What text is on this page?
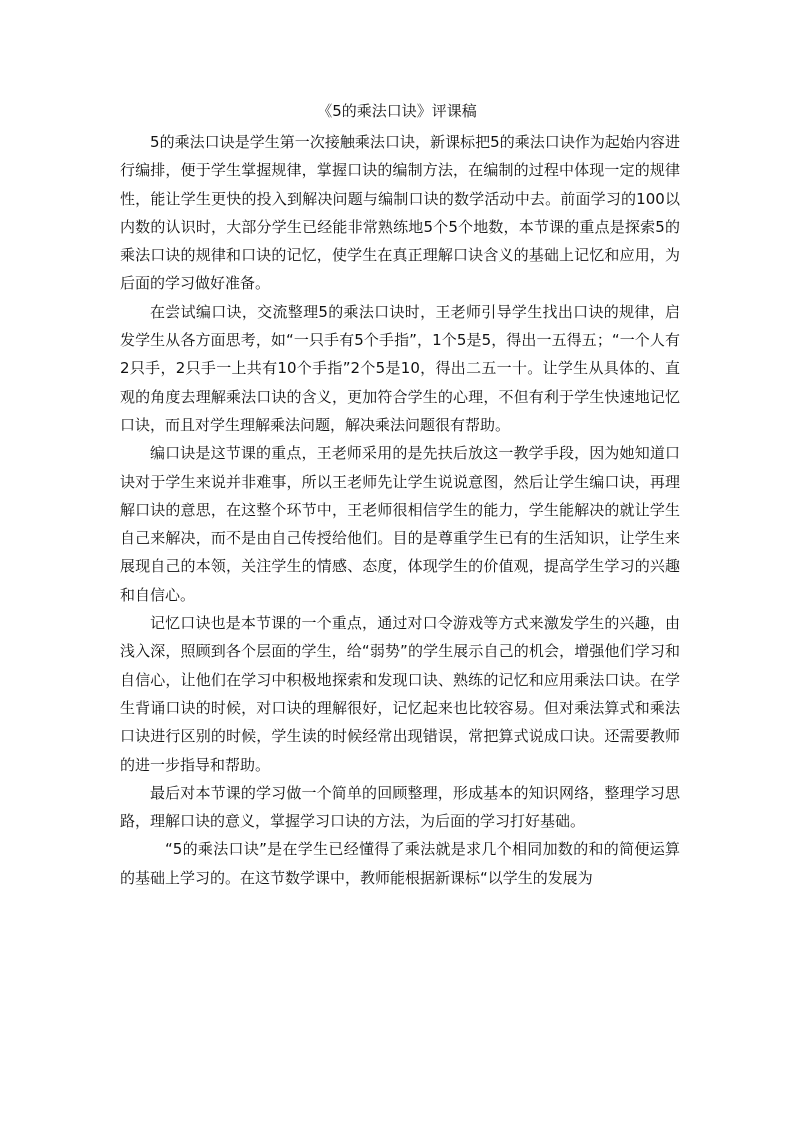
《5的乘法口诀》评课稿

5的乘法口诀是学生第一次接触乘法口诀，新课标把5的乘法口诀作为起始内容进行编排，便于学生掌握规律，掌握口诀的编制方法，在编制的过程中体现一定的规律性，能让学生更快的投入到解决问题与编制口诀的数学活动中去。前面学习的100以内数的认识时，大部分学生已经能非常熟练地5个5个地数，本节课的重点是探索5的乘法口诀的规律和口诀的记忆，使学生在真正理解口诀含义的基础上记忆和应用，为后面的学习做好准备。

在尝试编口诀，交流整理5的乘法口诀时，王老师引导学生找出口诀的规律，启发学生从各方面思考，如“一只手有5个手指”，1个5是5，得出一五得五；“一个人有2只手，2只手一上共有10个手指”2个5是10，得出二五一十。让学生从具体的、直观的角度去理解乘法口诀的含义，更加符合学生的心理，不但有利于学生快速地记忆口诀，而且对学生理解乘法问题，解决乘法问题很有帮助。

编口诀是这节课的重点，王老师采用的是先扶后放这一教学手段，因为她知道口诀对于学生来说并非难事，所以王老师先让学生说说意图，然后让学生编口诀，再理解口诀的意思，在这整个环节中，王老师很相信学生的能力，学生能解决的就让学生自己来解决，而不是由自己传授给他们。目的是尊重学生已有的生活知识，让学生来展现自己的本领，关注学生的情感、态度，体现学生的价值观，提高学生学习的兴趣和自信心。

记忆口诀也是本节课的一个重点，通过对口令游戏等方式来激发学生的兴趣，由浅入深，照顾到各个层面的学生，给“弱势”的学生展示自己的机会，增强他们学习和自信心，让他们在学习中积极地探索和发现口诀、熟练的记忆和应用乘法口诀。在学生背诵口诀的时候，对口诀的理解很好，记忆起来也比较容易。但对乘法算式和乘法口诀进行区别的时候，学生读的时候经常出现错误，常把算式说成口诀。还需要教师的进一步指导和帮助。

最后对本节课的学习做一个简单的回顾整理，形成基本的知识网络，整理学习思路，理解口诀的意义，掌握学习口诀的方法，为后面的学习打好基础。

“5的乘法口诀”是在学生已经懂得了乘法就是求几个相同加数的和的简便运算的基础上学习的。在这节数学课中，教师能根据新课标“以学生的发展为
